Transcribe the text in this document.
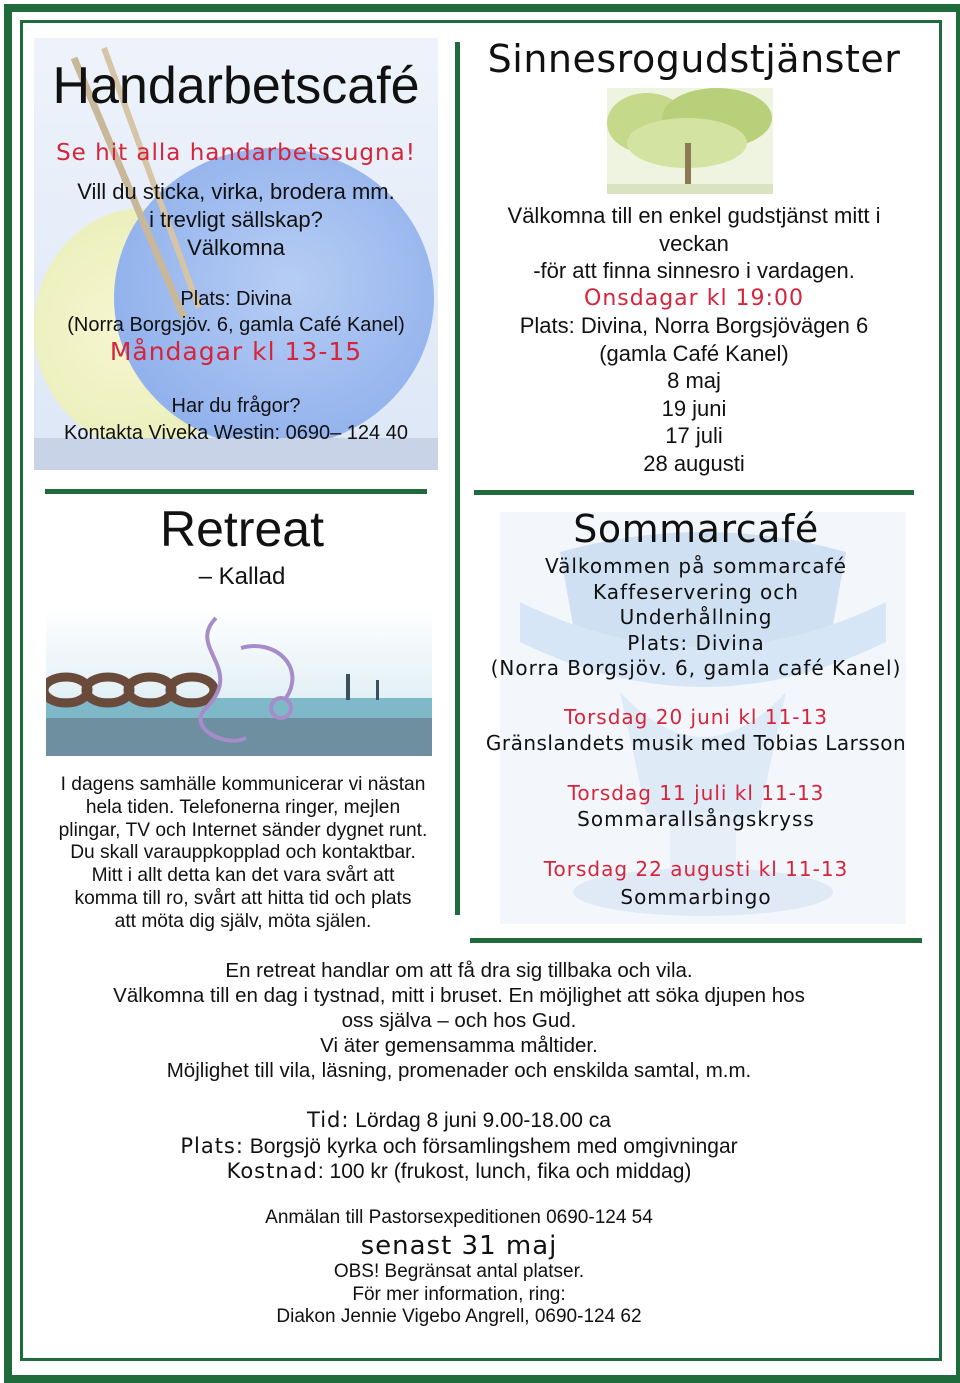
Handarbetscafé
Se hit alla handarbetssugna!
Vill du sticka, virka, brodera mm.
i trevligt sällskap?
Välkomna
Plats: Divina
(Norra Borgsjöv. 6, gamla Café Kanel)
Måndagar kl 13-15
Har du frågor?
Kontakta Viveka Westin: 0690– 124 40
Sinnesrogudstjänster
Välkomna till en enkel gudstjänst mitt i
veckan
-för att finna sinnesro i vardagen.
Onsdagar kl 19:00
Plats: Divina, Norra Borgsjövägen 6
(gamla Café Kanel)
8 maj
19 juni
17 juli
28 augusti
Retreat
– Kallad
I dagens samhälle kommunicerar vi nästan
hela tiden. Telefonerna ringer, mejlen
plingar, TV och Internet sänder dygnet runt.
Du skall varauppkopplad och kontaktbar.
Mitt i allt detta kan det vara svårt att
komma till ro, svårt att hitta tid och plats
att möta dig själv, möta själen.
Sommarcafé
Välkommen på sommarcafé
Kaffeservering och
Underhållning
Plats: Divina
(Norra Borgsjöv. 6, gamla café Kanel)
Torsdag 20 juni kl 11-13
Gränslandets musik med Tobias Larsson
Torsdag 11 juli kl 11-13
Sommarallsångskryss
Torsdag 22 augusti kl 11-13
Sommarbingo
En retreat handlar om att få dra sig tillbaka och vila.
Välkomna till en dag i tystnad, mitt i bruset. En möjlighet att söka djupen hos
oss själva – och hos Gud.
Vi äter gemensamma måltider.
Möjlighet till vila, läsning, promenader och enskilda samtal, m.m.
Tid: Lördag 8 juni 9.00-18.00 ca
Plats: Borgsjö kyrka och församlingshem med omgivningar
Kostnad: 100 kr (frukost, lunch, fika och middag)
Anmälan till Pastorsexpeditionen 0690-124 54
senast 31 maj
OBS! Begränsat antal platser.
För mer information, ring:
Diakon Jennie Vigebo Angrell, 0690-124 62
